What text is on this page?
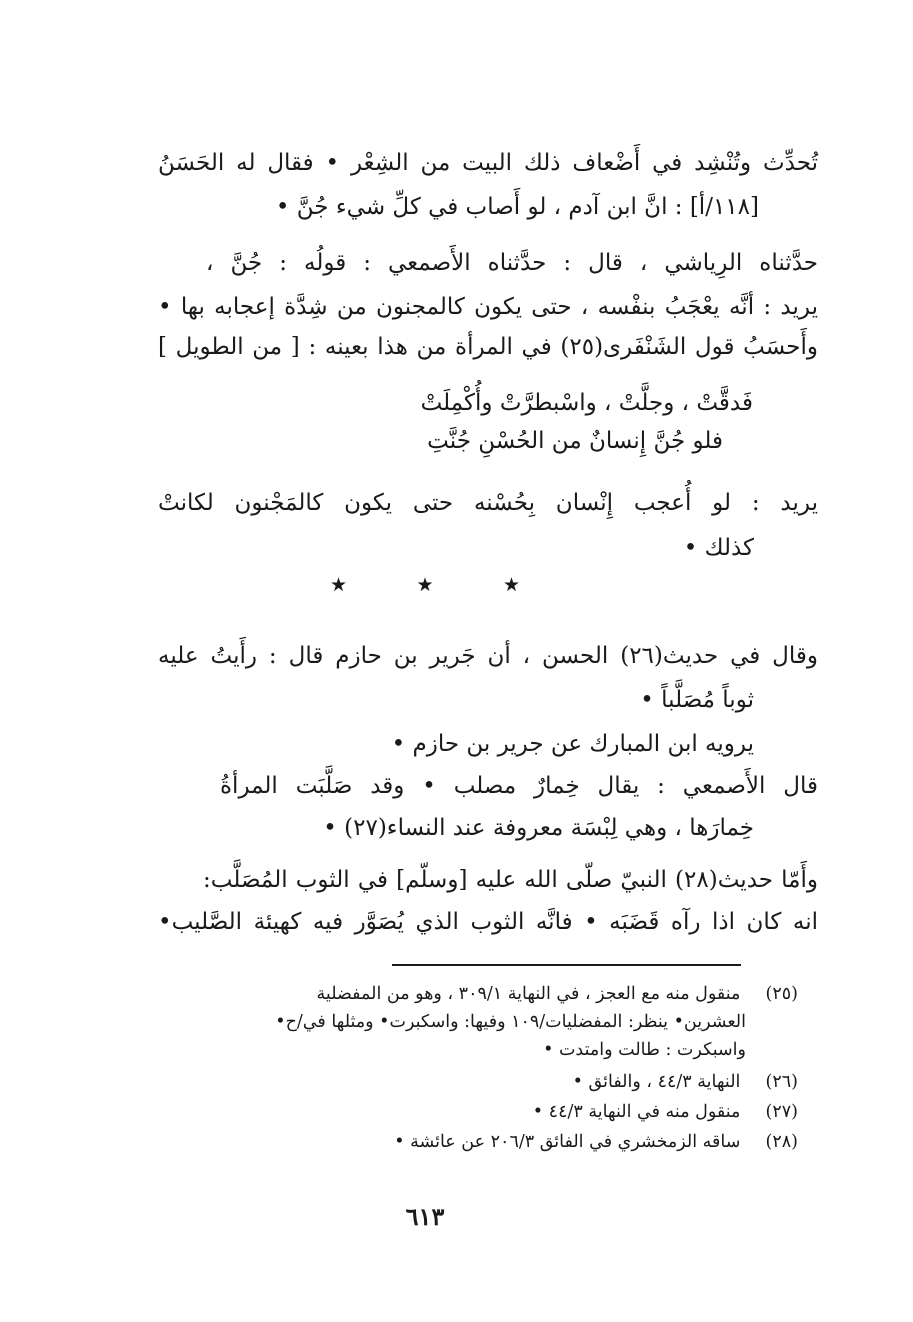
تُحدِّث وتُنْشِد في أَضْعاف ذلك البيت من الشِعْر • فقال له الحَسَنُ
[١١٨/أ] : انَّ ابن آدم ، لو أَصاب في كلِّ شيء جُنَّ •
حدَّثناه الرِياشي ، قال : حدَّثناه الأَصمعي : قولُه : جُنَّ ،
يريد : أنَّه يعْجَبُ بنفْسه ، حتى يكون كالمجنون من شِدَّة إعجابه بها •
وأَحسَبُ قول الشَنْفَرى(٢٥) في المرأة من هذا بعينه : [ من الطويل ]
فَدقَّتْ ، وجلَّتْ ، واسْبطرَّتْ وأُكْمِلَتْ
فلو جُنَّ إِنسانٌ من الحُسْنِ جُنَّتِ
يريد : لو أُعجب إِنْسان بِحُسْنه حتى يكون كالمَجْنون لكانتْ
كذلك •
★	★	★
وقال في حديث(٢٦) الحسن ، أن جَرير بن حازم قال : رأَيتُ عليه
ثوباً مُصَلَّباً •
يرويه ابن المبارك عن جرير بن حازم •
قال الأَصمعي : يقال خِمارٌ مصلب • وقد صَلَّبَت المرأةُ
خِمارَها ، وهي لِبْسَة معروفة عند النساء(٢٧) •
وأَمّا حديث(٢٨) النبيّ صلّى الله عليه [وسلّم] في الثوب المُصَلَّب:
انه كان اذا رآه قَضَبَه • فانَّه الثوب الذي يُصَوَّر فيه كهيئة الصَّليب•
(٢٥) منقول منه مع العجز ، في النهاية ٣٠٩/١ ، وهو من المفضلية
العشرين• ينظر: المفضليات/١٠٩ وفيها: واسكبرت• ومثلها في/ح•
واسبكرت : طالت وامتدت •
(٢٦) النهاية ٤٤/٣ ، والفائق •
(٢٧) منقول منه في النهاية ٤٤/٣ •
(٢٨) ساقه الزمخشري في الفائق ٢٠٦/٣ عن عائشة •
٦١٣
